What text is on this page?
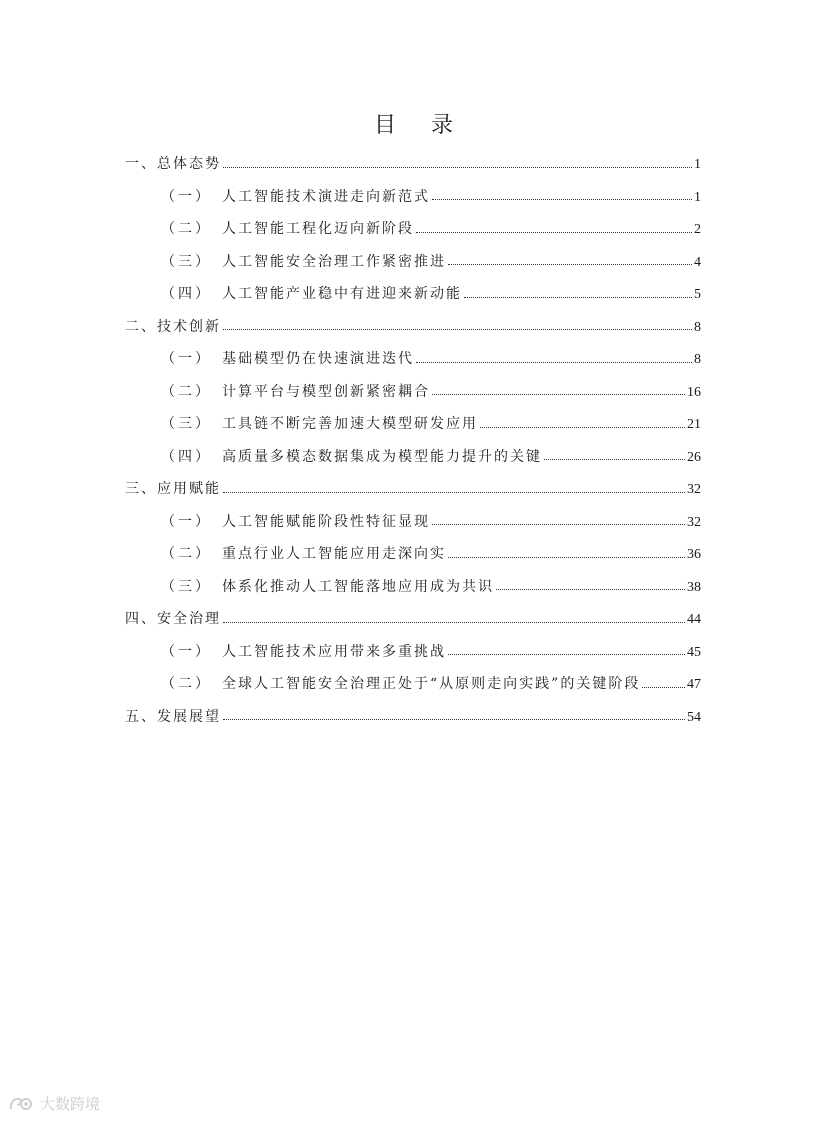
目 录
一、总体态势	1
（一） 人工智能技术演进走向新范式	1
（二） 人工智能工程化迈向新阶段	2
（三） 人工智能安全治理工作紧密推进	4
（四） 人工智能产业稳中有进迎来新动能	5
二、技术创新	8
（一） 基础模型仍在快速演进迭代	8
（二） 计算平台与模型创新紧密耦合	16
（三） 工具链不断完善加速大模型研发应用	21
（四） 高质量多模态数据集成为模型能力提升的关键	26
三、应用赋能	32
（一） 人工智能赋能阶段性特征显现	32
（二） 重点行业人工智能应用走深向实	36
（三） 体系化推动人工智能落地应用成为共识	38
四、安全治理	44
（一） 人工智能技术应用带来多重挑战	45
（二） 全球人工智能安全治理正处于“从原则走向实践”的关键阶段	47
五、发展展望	54
大数跨境
